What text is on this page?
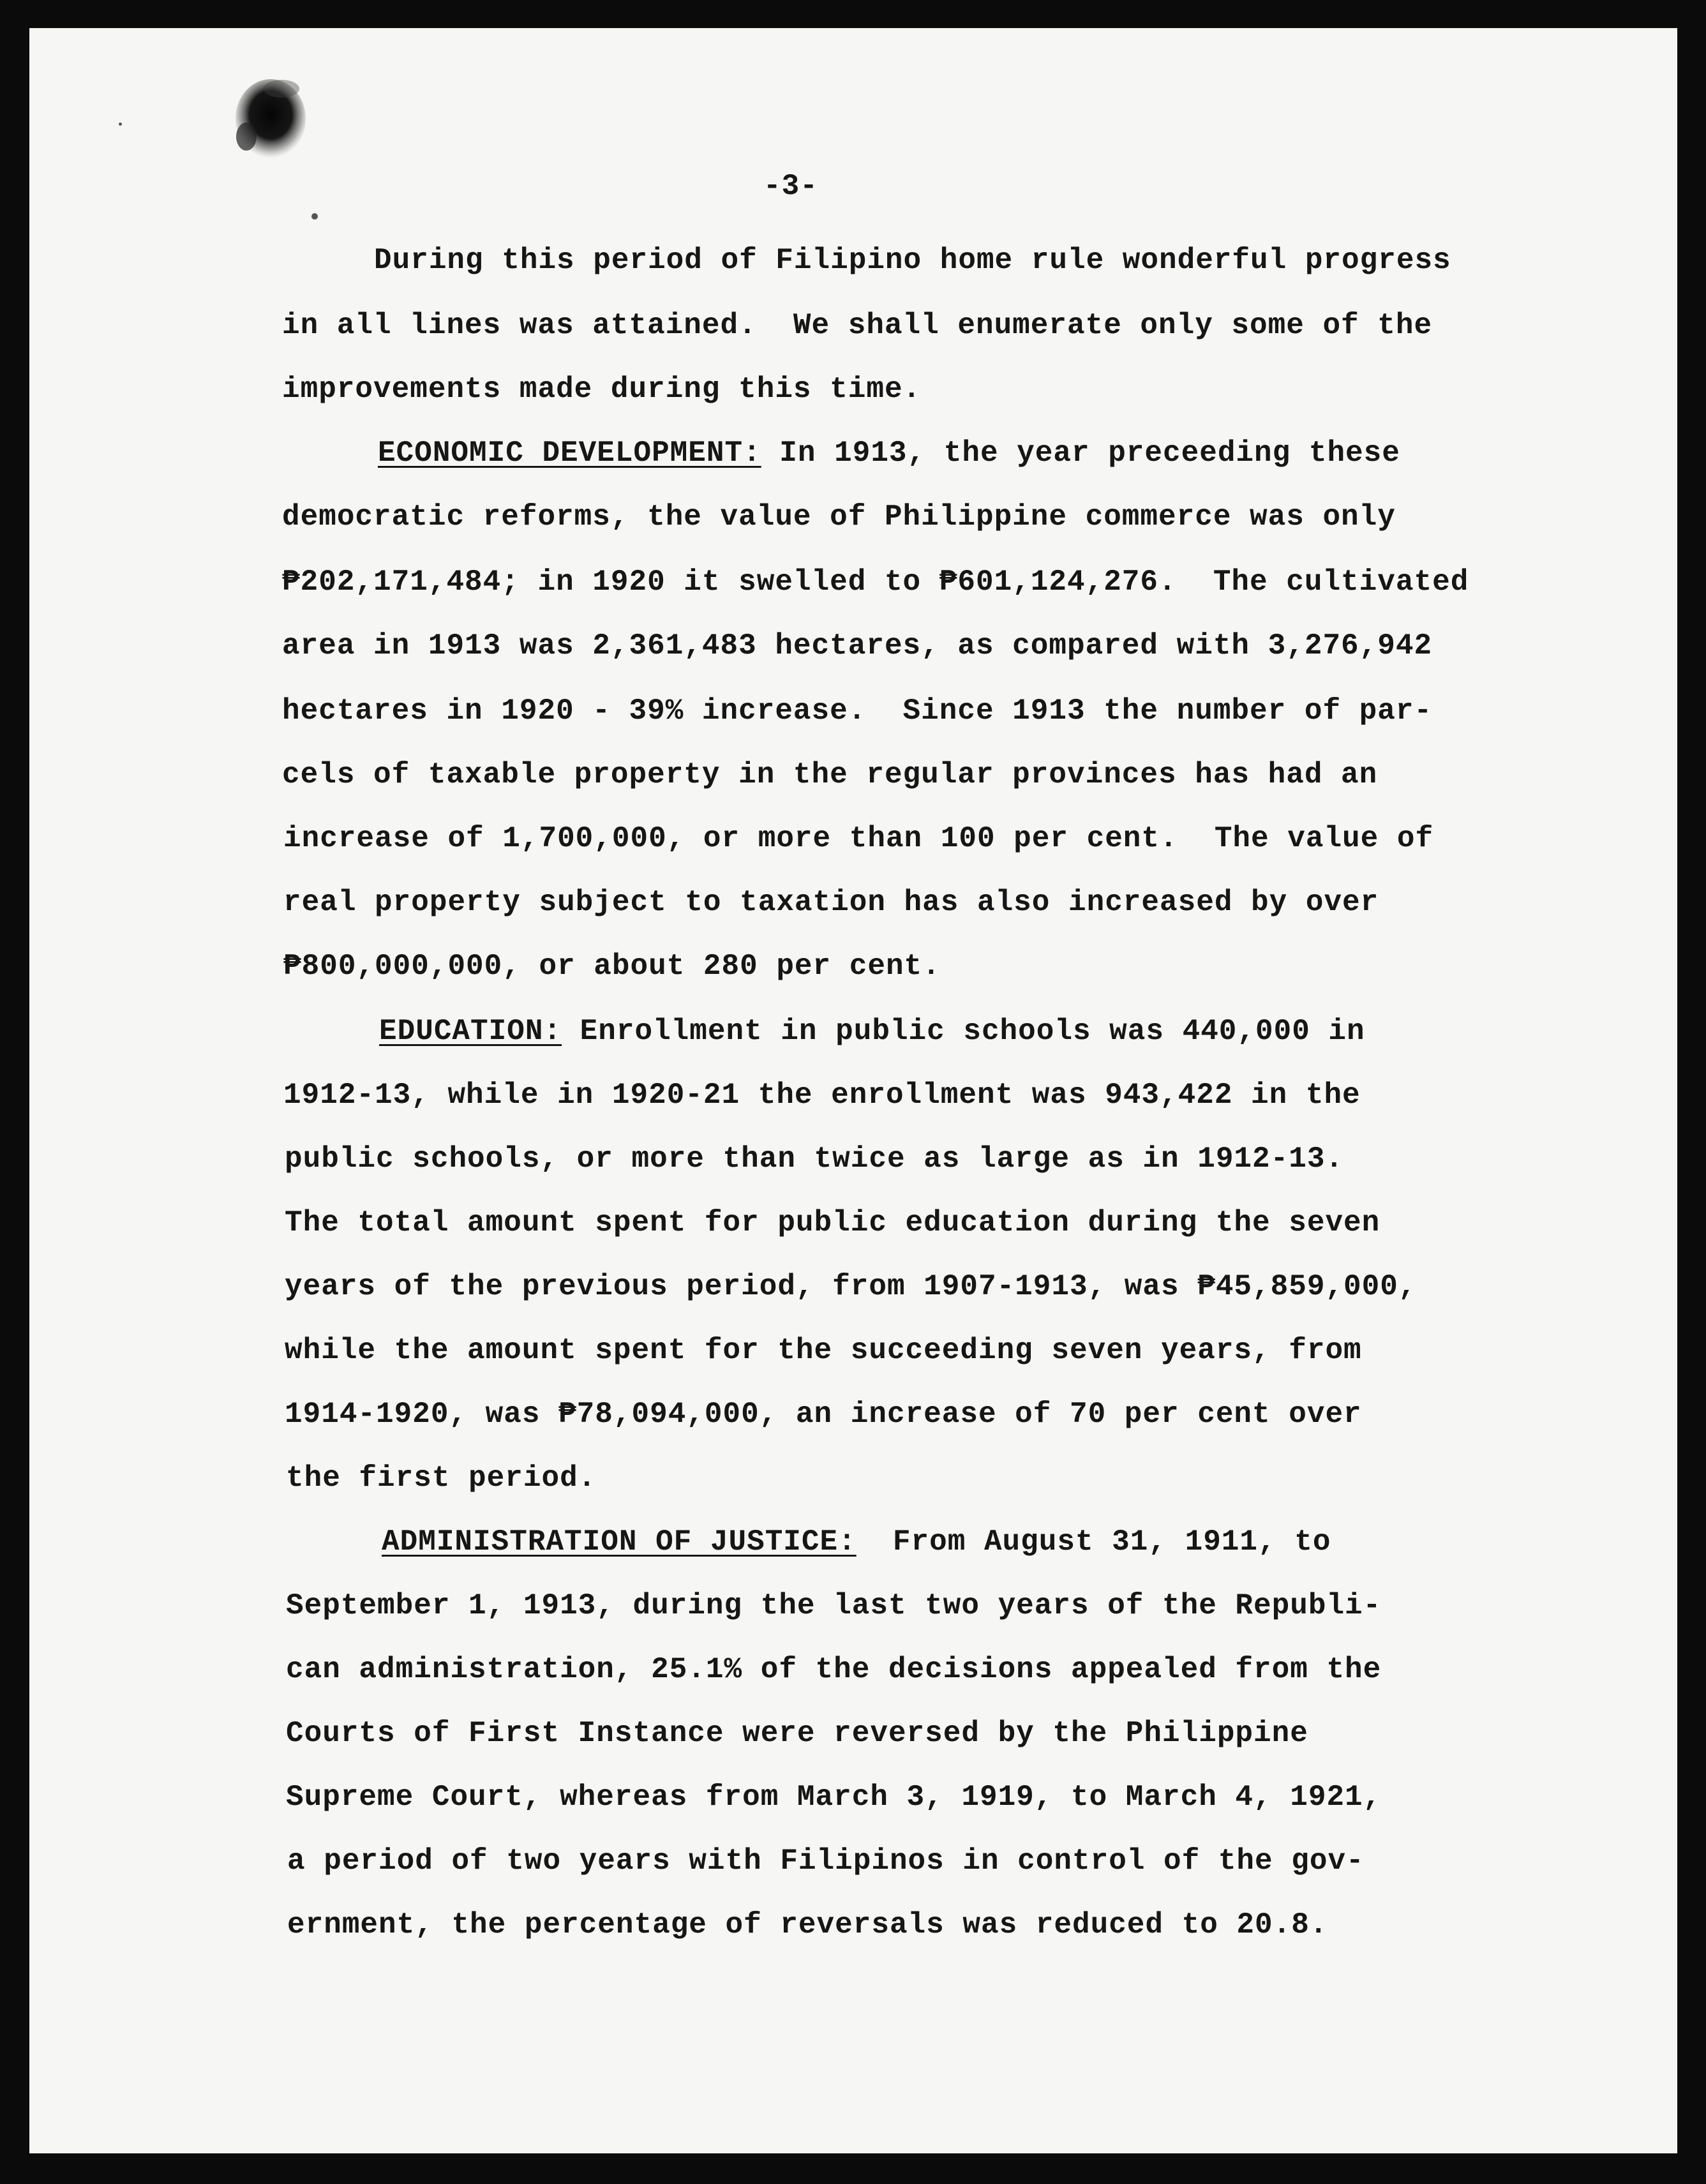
-3-
During this period of Filipino home rule wonderful progress
in all lines was attained.  We shall enumerate only some of the
improvements made during this time.
ECONOMIC DEVELOPMENT: In 1913, the year preceeding these
democratic reforms, the value of Philippine commerce was only
₱202,171,484; in 1920 it swelled to ₱601,124,276.  The cultivated
area in 1913 was 2,361,483 hectares, as compared with 3,276,942
hectares in 1920 - 39% increase.  Since 1913 the number of par-
cels of taxable property in the regular provinces has had an
increase of 1,700,000, or more than 100 per cent.  The value of
real property subject to taxation has also increased by over
₱800,000,000, or about 280 per cent.
EDUCATION: Enrollment in public schools was 440,000 in
1912-13, while in 1920-21 the enrollment was 943,422 in the
public schools, or more than twice as large as in 1912-13.
The total amount spent for public education during the seven
years of the previous period, from 1907-1913, was ₱45,859,000,
while the amount spent for the succeeding seven years, from
1914-1920, was ₱78,094,000, an increase of 70 per cent over
the first period.
ADMINISTRATION OF JUSTICE:  From August 31, 1911, to
September 1, 1913, during the last two years of the Republi-
can administration, 25.1% of the decisions appealed from the
Courts of First Instance were reversed by the Philippine
Supreme Court, whereas from March 3, 1919, to March 4, 1921,
a period of two years with Filipinos in control of the gov-
ernment, the percentage of reversals was reduced to 20.8.
